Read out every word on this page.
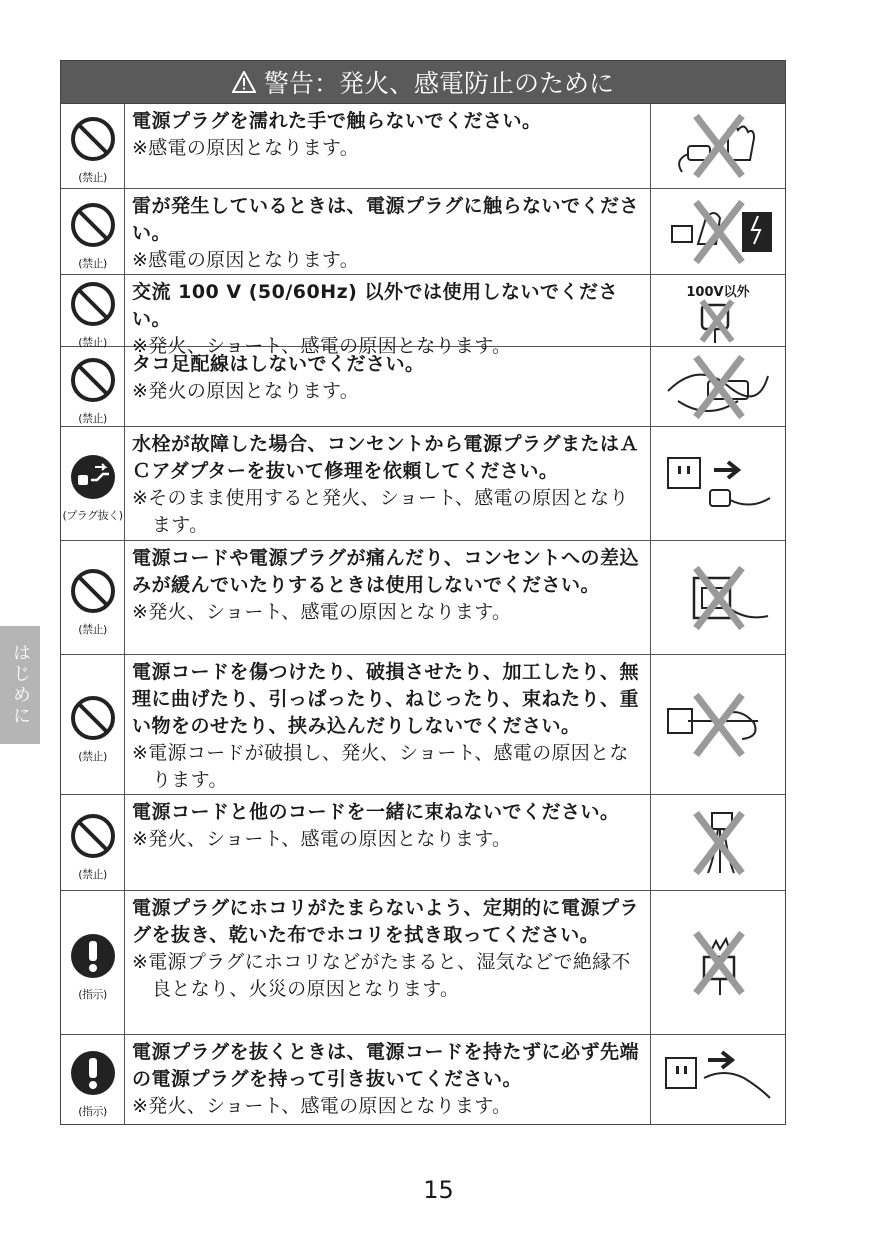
警告：発火、感電防止のために
(禁止)
電源プラグを濡れた手で触らないでください。
※感電の原因となります。
(禁止)
雷が発生しているときは、電源プラグに触らないでください。
※感電の原因となります。
(禁止)
交流 100 V (50/60Hz) 以外では使用しないでください。
※発火、ショート、感電の原因となります。
100V以外
(禁止)
タコ足配線はしないでください。
※発火の原因となります。
(プラグ抜く)
水栓が故障した場合、コンセントから電源プラグまたはＡＣアダプターを抜いて修理を依頼してください。
※そのまま使用すると発火、ショート、感電の原因となります。
(禁止)
電源コードや電源プラグが痛んだり、コンセントへの差込みが緩んでいたりするときは使用しないでください。
※発火、ショート、感電の原因となります。
(禁止)
電源コードを傷つけたり、破損させたり、加工したり、無理に曲げたり、引っぱったり、ねじったり、束ねたり、重い物をのせたり、挟み込んだりしないでください。
※電源コードが破損し、発火、ショート、感電の原因となります。
(禁止)
電源コードと他のコードを一緒に束ねないでください。
※発火、ショート、感電の原因となります。
(指示)
電源プラグにホコリがたまらないよう、定期的に電源プラグを抜き、乾いた布でホコリを拭き取ってください。
※電源プラグにホコリなどがたまると、湿気などで絶縁不良となり、火災の原因となります。
(指示)
電源プラグを抜くときは、電源コードを持たずに必ず先端の電源プラグを持って引き抜いてください。
※発火、ショート、感電の原因となります。
はじめに
15
